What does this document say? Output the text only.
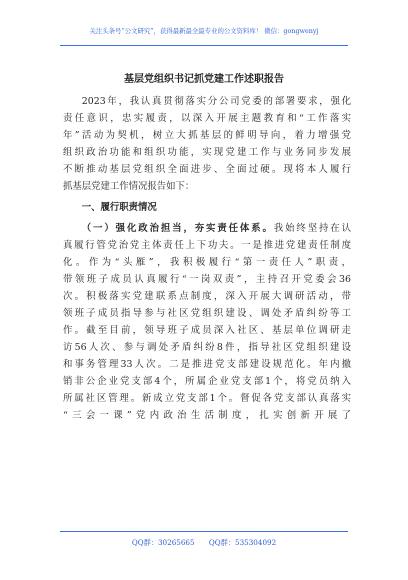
关注头条号“公文研究”，获得最新最全最专业的公文资料库！ 微信：gongwenyj
基层党组织书记抓党建工作述职报告
2023年，我认真贯彻落实分公司党委的部署要求，强化
责任意识，忠实履责，以深入开展主题教育和“工作落实
年”活动为契机，树立大抓基层的鲜明导向，着力增强党
组织政治功能和组织功能，实现党建工作与业务同步发展
不断推动基层党组织全面进步、全面过硬。现将本人履行
抓基层党建工作情况报告如下：
一、履行职责情况
（一）强化政治担当，夯实责任体系。我始终坚持在认
真履行管党治党主体责任上下功夫。一是推进党建责任制度
化。作为“头雁”，我积极履行“第一责任人”职责，
带领班子成员认真履行“一岗双责”，主持召开党委会36
次。积极落实党建联系点制度，深入开展大调研活动，带
领班子成员指导参与社区党组织建设、调处矛盾纠纷等工
作。截至目前，领导班子成员深入社区、基层单位调研走
访56人次、参与调处矛盾纠纷8件，指导社区党组织建设
和事务管理33人次。二是推进党支部建设规范化。年内撤
销非公企业党支部4个，所属企业党支部1个，将党员纳入
所属社区管理。新成立党支部1个。督促各党支部认真落实
“三会一课”党内政治生活制度，扎实创新开展了
QQ群：30265665 QQ群：535304092
